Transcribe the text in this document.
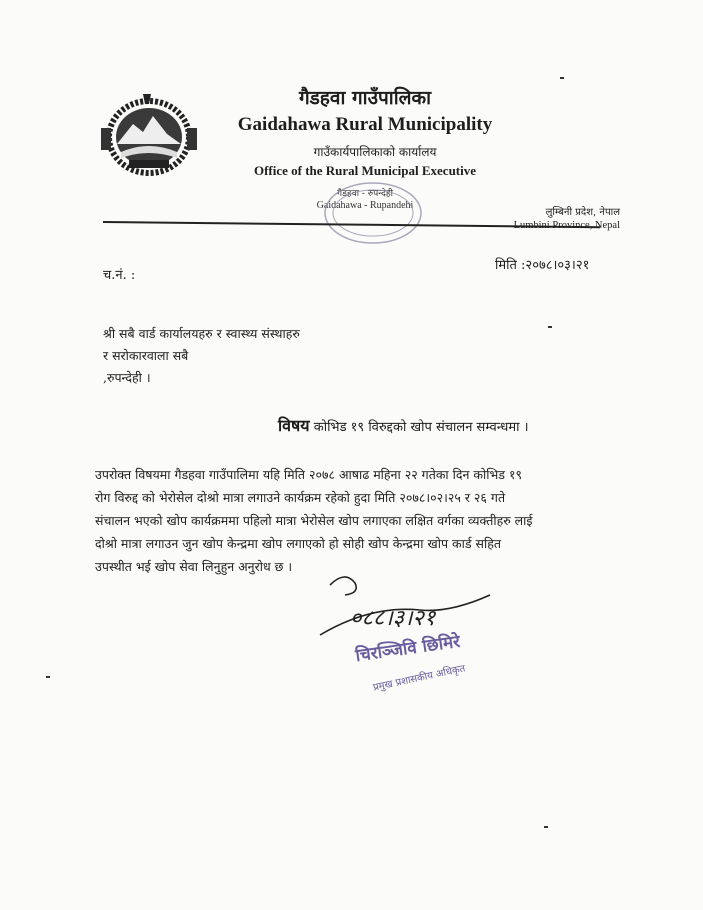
गैडहवा गाउँपालिका
Gaidahawa Rural Municipality
गाउँकार्यपालिकाको कार्यालय
Office of the Rural Municipal Executive
गैडहवा - रुपन्देही
Gaidahawa - Rupandehi
लुम्बिनी प्रदेश, नेपाल
Lumbini Province, Nepal
मिति :२०७८।०३।२१
च.नं. :
श्री सबै वार्ड कार्यालयहरु र स्वास्थ्य संस्थाहरु
र सरोकारवाला सबै
,रुपन्देही ।
विषय कोभिड १९ विरुद्दको खोप संचालन सम्वन्धमा ।
उपरोक्त विषयमा गैडहवा गाउँपालिमा यहि मिति २०७८ आषाढ महिना २२ गतेका दिन कोभिड १९
रोग विरुद्द को भेरोसेल दोश्रो मात्रा लगाउने कार्यक्रम रहेको हुदा मिति २०७८।०२।२५ र २६ गते
संचालन भएको खोप कार्यक्रममा पहिलो मात्रा भेरोसेल खोप लगाएका लक्षित वर्गका व्यक्तीहरु लाई
दोश्रो मात्रा लगाउन जुन खोप केन्द्रमा खोप लगाएको हो सोही खोप केन्द्रमा खोप कार्ड सहित
उपस्थीत भई खोप सेवा लिनुहुन अनुरोध छ ।
०८८।३।२१
चिरञ्जिवि छिमिरे
प्रमुख प्रशासकीय अधिकृत
